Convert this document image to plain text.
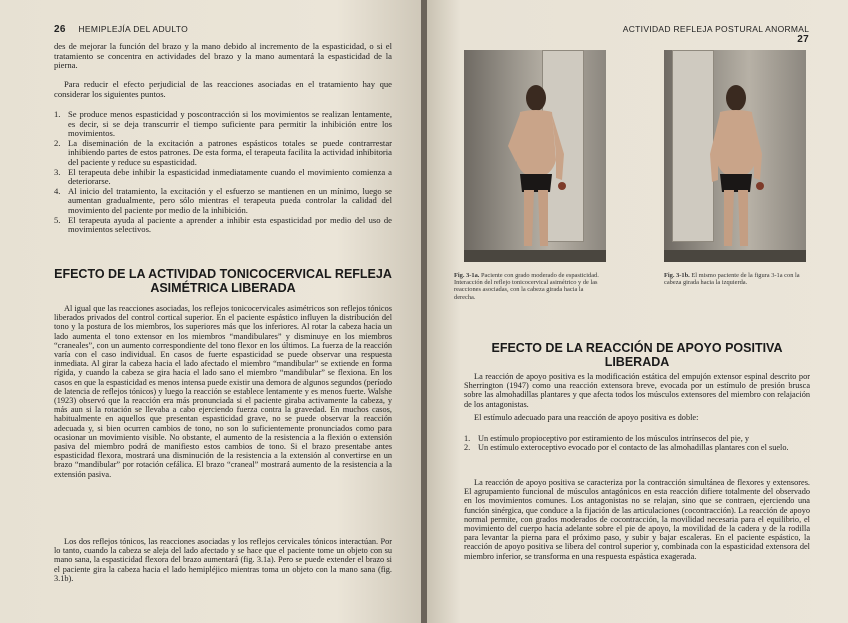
26 HEMIPLEJÍA DEL ADULTO

des de mejorar la función del brazo y la mano debido al incremento de la espasticidad, o si el tratamiento se concentra en actividades del brazo y la mano aumentará la espasticidad de la pierna.

Para reducir el efecto perjudicial de las reacciones asociadas en el tratamiento hay que considerar los siguientes puntos.

1. Se produce menos espasticidad y poscontracción si los movimientos se realizan lentamente, es decir, si se deja transcurrir el tiempo suficiente para permitir la inhibición entre los movimientos.
2. La diseminación de la excitación a patrones espásticos totales se puede contrarrestar inhibiendo partes de estos patrones. De esta forma, el terapeuta facilita la actividad inhibitoria del paciente y reduce su espasticidad.
3. El terapeuta debe inhibir la espasticidad inmediatamente cuando el movimiento comienza a deteriorarse.
4. Al inicio del tratamiento, la excitación y el esfuerzo se mantienen en un mínimo, luego se aumentan gradualmente, pero sólo mientras el terapeuta pueda controlar la calidad del movimiento del paciente por medio de la inhibición.
5. El terapeuta ayuda al paciente a aprender a inhibir esta espasticidad por medio del uso de movimientos selectivos.
EFECTO DE LA ACTIVIDAD TONICOCERVICAL REFLEJA ASIMÉTRICA LIBERADA

Al igual que las reacciones asociadas, los reflejos tonicocervicales asimétricos son reflejos tónicos liberados privados del control cortical superior. En el paciente espástico influyen la distribución del tono y la postura de los miembros, los superiores más que los inferiores. Al rotar la cabeza hacia un lado aumenta el tono extensor en los miembros “mandibulares” y disminuye en los miembros “craneales”, con un aumento correspondiente del tono flexor en los últimos. La fuerza de la reacción varía con el caso individual. En casos de fuerte espasticidad se puede observar una respuesta inmediata. Al girar la cabeza hacia el lado afectado el miembro “mandibular” se extiende en forma rígida, y cuando la cabeza se gira hacia el lado sano el miembro “mandibular” se flexiona. En los casos en que la espasticidad es menos intensa puede existir una demora de algunos segundos (período de latencia de reflejos tónicos) y luego la reacción se establece lentamente y es menos fuerte. Walshe (1923) observó que la reacción era más pronunciada si el paciente giraba activamente la cabeza, y más aun si la rotación se llevaba a cabo ejerciendo fuerza contra la gravedad. En muchos casos, habitualmente en aquellos que presentan espasticidad grave, no se puede observar la reacción adecuada y, si bien ocurren cambios de tono, no son lo suficientemente pronunciados como para ocasionar un movimiento visible. No obstante, el aumento de la resistencia a la flexión o extensión pasiva del miembro podrá de manifiesto estos cambios de tono. Si el brazo presentabe antes espasticidad flexora, mostrará una disminución de la resistencia a la extensión al convertirse en un brazo “mandibular” por rotación cefálica. El brazo “craneal” mostrará aumento de la resistencia a la extensión pasiva.

Los dos reflejos tónicos, las reacciones asociadas y los reflejos cervicales tónicos interactúan. Por lo tanto, cuando la cabeza se aleja del lado afectado y se hace que el paciente tome un objeto con su mano sana, la espasticidad flexora del brazo aumentará (fig. 3.1a). Pero se puede extender el brazo si el paciente gira la cabeza hacia el lado hemipléjico mientras toma un objeto con la mano sana (fig. 3.1b).

ACTIVIDAD REFLEJA POSTURAL ANORMAL 27

Fig. 3-1a. Paciente con grado moderado de espasticidad. Interacción del reflejo tonicocervical asimétrico y de las reacciones asociadas, con la cabeza girada hacia la derecha.

Fig. 3-1b. El mismo paciente de la figura 3-1a con la cabeza girada hacia la izquierda.

EFECTO DE LA REACCIÓN DE APOYO POSITIVA LIBERADA

La reacción de apoyo positiva es la modificación estática del empujón extensor espinal descrito por Sherrington (1947) como una reacción extensora breve, evocada por un estímulo de presión brusca sobre las almohadillas plantares y que afecta todos los músculos extensores del miembro con relajación de los antagonistas.

El estímulo adecuado para una reacción de apoyo positiva es doble:

1. Un estímulo propioceptivo por estiramiento de los músculos intrínsecos del pie, y
2. Un estímulo exteroceptivo evocado por el contacto de las almohadillas plantares con el suelo.

La reacción de apoyo positiva se caracteriza por la contracción simultánea de flexores y extensores. El agrupamiento funcional de músculos antagónicos en esta reacción difiere totalmente del observado en los movimientos comunes. Los antagonistas no se relajan, sino que se contraen, ejerciendo una función sinérgica, que conduce a la fijación de las articulaciones (cocontracción). La reacción de apoyo normal permite, con grados moderados de cocontracción, la movilidad necesaria para el equilibrio, el movimiento del cuerpo hacia adelante sobre el pie de apoyo, la movilidad de la cadera y de la rodilla para levantar la pierna para el próximo paso, y subir y bajar escaleras. En el paciente espástico, la reacción de apoyo positiva se libera del control superior y, combinada con la espasticidad extensora del miembro inferior, se transforma en una respuesta espástica exagerada.
